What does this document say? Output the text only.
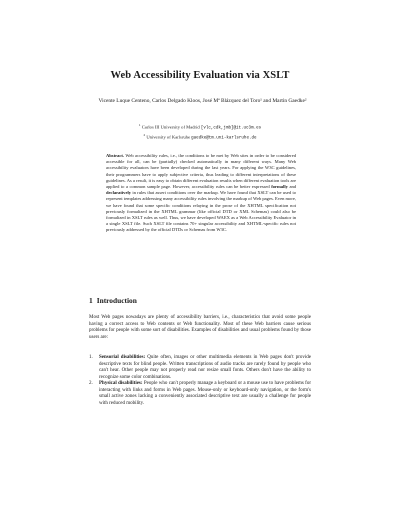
Web Accessibility Evaluation via XSLT
Vicente Luque Centeno, Carlos Delgado Kloos, José Mª Blázquez del Toro¹ and Martin Gaedke²
$^1$ Carlos III University of Madrid [vlc,cdk,jmb]@it.uc3m.es
$^2$ University of Karlsruhe gaedke@tm.uni-karlsruhe.de
Abstract. Web accessibility rules, i.e., the conditions to be met by Web sites in order to be considered accessible for all, can be (partially) checked automatically in many different ways. Many Web accessibility evaluators have been developed during the last years. For applying the W3C guidelines, their programmers have to apply subjective criteria, thus leading to different interpretations of these guidelines. As a result, it is easy to obtain different evaluation results when different evaluation tools are applied to a common sample page. However, accessibility rules can be better expressed formally and declaratively in rules that assert conditions over the markup. We have found that XSLT can be used to represent templates addressing many accessibility rules involving the markup of Web pages. Even more, we have found that some specific conditions relaying in the prose of the XHTML specification not previously formalized in the XHTML grammar (like official DTD or XML Schemas) could also be formalized in XSLT rules as well. Thus, we have developed WAEX as a Web Accessibility Evaluator in a single XSLT file. Such XSLT file contains 70+ singular accessibility and XHTML-specific rules not previously addressed by the official DTDs or Schemas from W3C.
1 Introduction
Most Web pages nowadays are plenty of accessibility barriers, i.e., characteristics that avoid some people having a correct access to Web contents or Web functionality. Most of these Web barriers cause serious problems for people with some sort of disabilities. Examples of disabilities and usual problems found by those users are:
1. Sensorial disabilities: Quite often, images or other multimedia elements in Web pages don't provide descriptive texts for blind people. Written transcriptions of audio tracks are rarely found by people who can't hear. Other people may not properly read nor resize small fonts. Others don't have the ability to recognize some color combinations.
2. Physical disabilities: People who can't properly manage a keyboard or a mouse use to have problems for interacting with links and forms in Web pages. Mouse-only or keyboard-only navigation, or the form's small active zones lacking a conveniently associated descriptive text are usually a challenge for people with reduced mobility.
